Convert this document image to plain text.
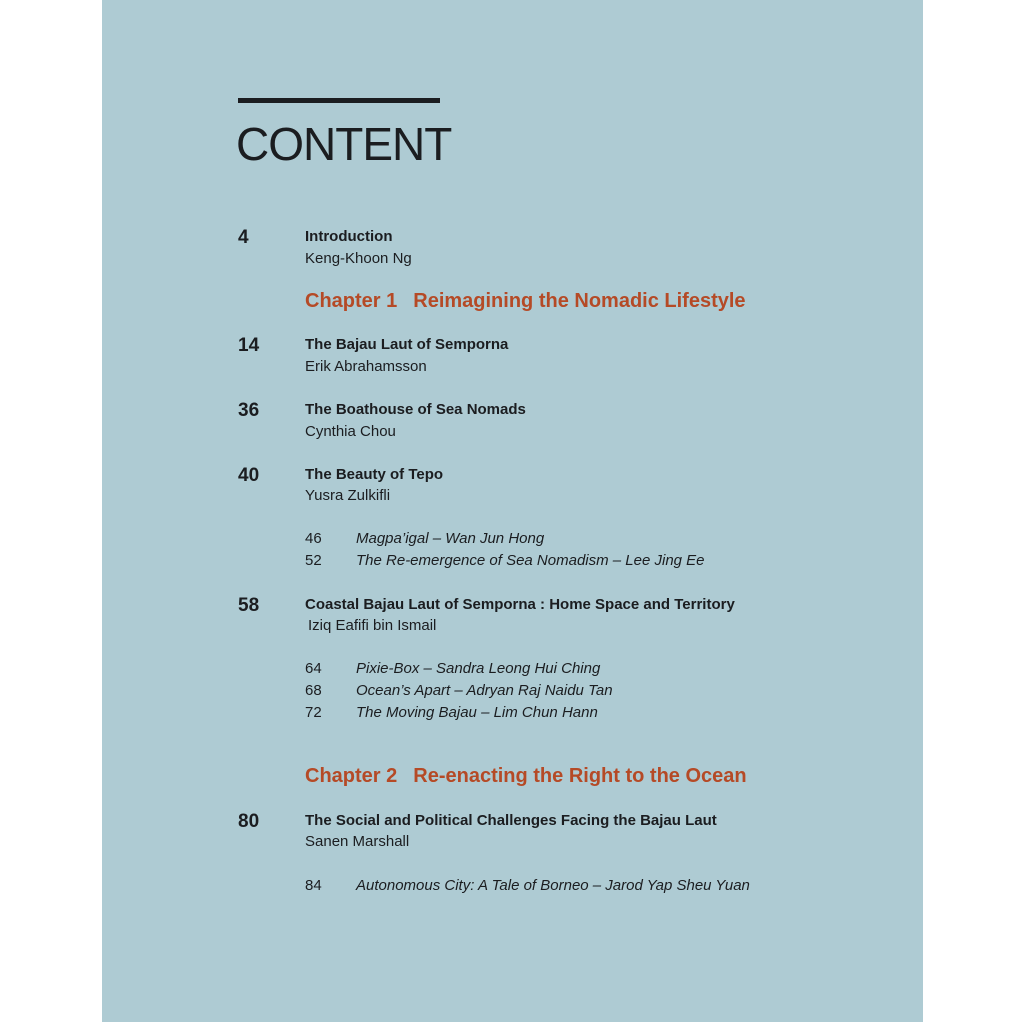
CONTENT
4	Introduction
Keng-Khoon Ng
Chapter 1 Reimagining the Nomadic Lifestyle
14	The Bajau Laut of Semporna
Erik Abrahamsson
36	The Boathouse of Sea Nomads
Cynthia Chou
40	The Beauty of Tepo
Yusra Zulkifli
46 Magpa’igal – Wan Jun Hong
52 The Re-emergence of Sea Nomadism – Lee Jing Ee
58	Coastal Bajau Laut of Semporna : Home Space and Territory
Iziq Eafifi bin Ismail
64 Pixie-Box – Sandra Leong Hui Ching
68 Ocean’s Apart – Adryan Raj Naidu Tan
72 The Moving Bajau – Lim Chun Hann
Chapter 2 Re-enacting the Right to the Ocean
80	The Social and Political Challenges Facing the Bajau Laut
Sanen Marshall
84 Autonomous City: A Tale of Borneo – Jarod Yap Sheu Yuan
